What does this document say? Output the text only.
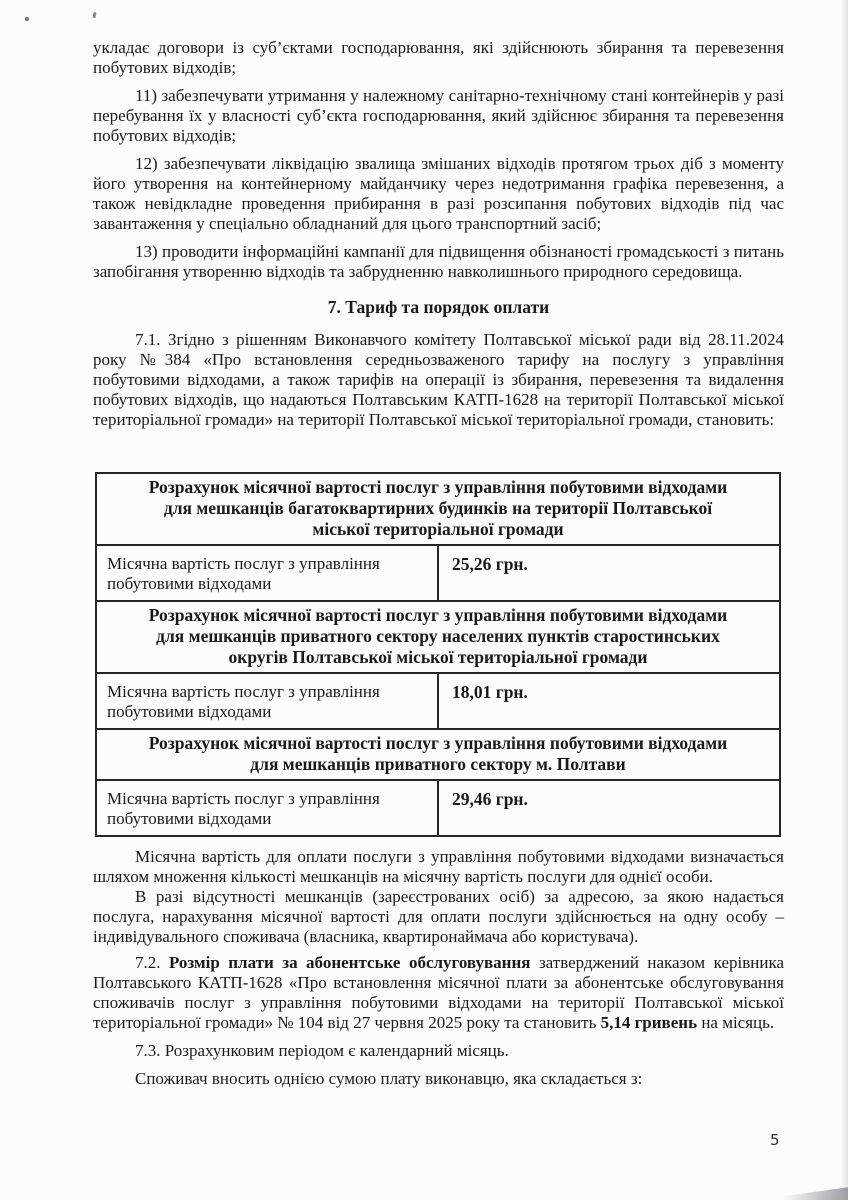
укладає договори із суб’єктами господарювання, які здійснюють збирання та перевезення побутових відходів;

11) забезпечувати утримання у належному санітарно-технічному стані контейнерів у разі перебування їх у власності суб’єкта господарювання, який здійснює збирання та перевезення побутових відходів;

12) забезпечувати ліквідацію звалища змішаних відходів протягом трьох діб з моменту його утворення на контейнерному майданчику через недотримання графіка перевезення, а також невідкладне проведення прибирання в разі розсипання побутових відходів під час завантаження у спеціально обладнаний для цього транспортний засіб;

13) проводити інформаційні кампанії для підвищення обізнаності громадськості з питань запобігання утворенню відходів та забрудненню навколишнього природного середовища.

7. Тариф та порядок оплати

7.1. Згідно з рішенням Виконавчого комітету Полтавської міської ради від 28.11.2024 року №384 «Про встановлення середньозваженого тарифу на послугу з управління побутовими відходами, а також тарифів на операції із збирання, перевезення та видалення побутових відходів, що надаються Полтавським КАТП-1628 на території Полтавської міської територіальної громади» на території Полтавської міської територіальної громади, становить:

Розрахунок місячної вартості послуг з управління побутовими відходами для мешканців багатоквартирних будинків на території Полтавської міської територіальної громади	
Місячна вартість послуг з управління побутовими відходами	25,26 грн.
Розрахунок місячної вартості послуг з управління побутовими відходами для мешканців приватного сектору населених пунктів старостинських округів Полтавської міської територіальної громади	
Місячна вартість послуг з управління побутовими відходами	18,01 грн.
Розрахунок місячної вартості послуг з управління побутовими відходами для мешканців приватного сектору м. Полтави	
Місячна вартість послуг з управління побутовими відходами	29,46 грн.

Місячна вартість для оплати послуги з управління побутовими відходами визначається шляхом множення кількості мешканців на місячну вартість послуги для однієї особи.

В разі відсутності мешканців (зареєстрованих осіб) за адресою, за якою надається послуга, нарахування місячної вартості для оплати послуги здійснюється на одну особу – індивідувального споживача (власника, квартиронаймача або користувача).

7.2. Розмір плати за абонентське обслуговування затверджений наказом керівника Полтавського КАТП-1628 «Про встановлення місячної плати за абонентське обслуговування споживачів послуг з управління побутовими відходами на території Полтавської міської територіальної громади» № 104 від 27 червня 2025 року та становить 5,14 гривень на місяць.

7.3. Розрахунковим періодом є календарний місяць.

Споживач вносить однією сумою плату виконавцю, яка складається з:

5
